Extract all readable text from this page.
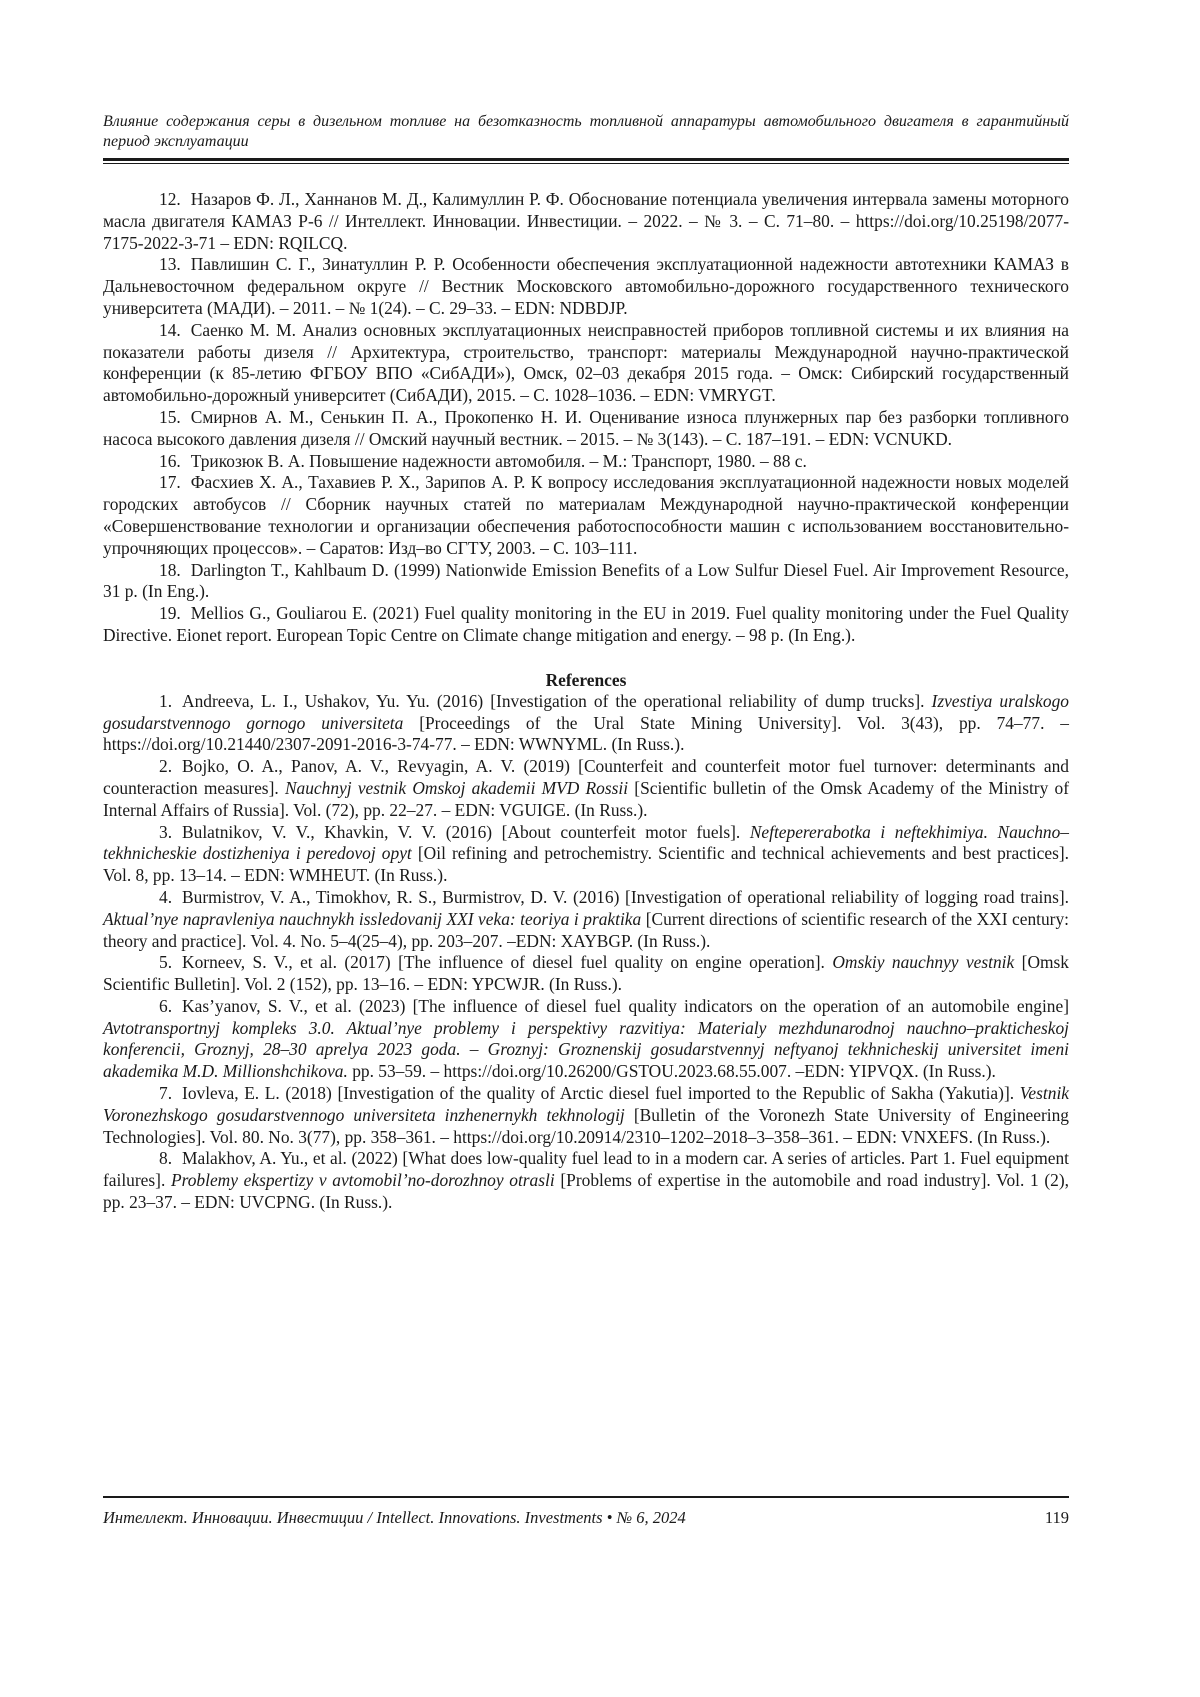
Влияние содержания серы в дизельном топливе на безотказность топливной аппаратуры автомобильного двигателя в гарантийный период эксплуатации

12. Назаров Ф. Л., Ханнанов М. Д., Калимуллин Р. Ф. Обоснование потенциала увеличения интервала замены моторного масла двигателя КАМАЗ Р-6 // Интеллект. Инновации. Инвестиции. – 2022. – № 3. – С. 71–80. – https://doi.org/10.25198/2077-7175-2022-3-71 – EDN: RQILCQ.

13. Павлишин С. Г., Зинатуллин Р. Р. Особенности обеспечения эксплуатационной надежности автотехники КАМАЗ в Дальневосточном федеральном округе // Вестник Московского автомобильно-дорожного государственного технического университета (МАДИ). – 2011. – № 1(24). – С. 29–33. – EDN: NDBDJP.

14. Саенко М. М. Анализ основных эксплуатационных неисправностей приборов топливной системы и их влияния на показатели работы дизеля // Архитектура, строительство, транспорт: материалы Международной научно-практической конференции (к 85-летию ФГБОУ ВПО «СибАДИ»), Омск, 02–03 декабря 2015 года. – Омск: Сибирский государственный автомобильно-дорожный университет (СибАДИ), 2015. – С. 1028–1036. – EDN: VMRYGT.

15. Смирнов А. М., Сенькин П. А., Прокопенко Н. И. Оценивание износа плунжерных пар без разборки топливного насоса высокого давления дизеля // Омский научный вестник. – 2015. – № 3(143). – С. 187–191. – EDN: VCNUKD.

16. Трикозюк В. А. Повышение надежности автомобиля. – М.: Транспорт, 1980. – 88 с.

17. Фасхиев Х. А., Тахавиев Р. Х., Зарипов А. Р. К вопросу исследования эксплуатационной надежности новых моделей городских автобусов // Сборник научных статей по материалам Международной научно-практической конференции «Совершенствование технологии и организации обеспечения работоспособности машин с использованием восстановительно-упрочняющих процессов». – Саратов: Изд–во СГТУ, 2003. – С. 103–111.

18. Darlington T., Kahlbaum D. (1999) Nationwide Emission Benefits of a Low Sulfur Diesel Fuel. Air Improvement Resource, 31 p. (In Eng.).

19. Mellios G., Gouliarou E. (2021) Fuel quality monitoring in the EU in 2019. Fuel quality monitoring under the Fuel Quality Directive. Eionet report. European Topic Centre on Climate change mitigation and energy. – 98 p. (In Eng.).

References

1. Andreeva, L. I., Ushakov, Yu. Yu. (2016) [Investigation of the operational reliability of dump trucks]. Izvestiya uralskogo gosudarstvennogo gornogo universiteta [Proceedings of the Ural State Mining University]. Vol. 3(43), pp. 74–77. – https://doi.org/10.21440/2307-2091-2016-3-74-77. – EDN: WWNYML. (In Russ.).

2. Bojko, O. A., Panov, A. V., Revyagin, A. V. (2019) [Counterfeit and counterfeit motor fuel turnover: determinants and counteraction measures]. Nauchnyj vestnik Omskoj akademii MVD Rossii [Scientific bulletin of the Omsk Academy of the Ministry of Internal Affairs of Russia]. Vol. (72), pp. 22–27. – EDN: VGUIGE. (In Russ.).

3. Bulatnikov, V. V., Khavkin, V. V. (2016) [About counterfeit motor fuels]. Neftepererabotka i neftekhimiya. Nauchno–tekhnicheskie dostizheniya i peredovoj opyt [Oil refining and petrochemistry. Scientific and technical achievements and best practices]. Vol. 8, pp. 13–14. – EDN: WMHEUT. (In Russ.).

4. Burmistrov, V. A., Timokhov, R. S., Burmistrov, D. V. (2016) [Investigation of operational reliability of logging road trains]. Aktual’nye napravleniya nauchnykh issledovanij XXI veka: teoriya i praktika [Current directions of scientific research of the XXI century: theory and practice]. Vol. 4. No. 5–4(25–4), pp. 203–207. –EDN: XAYBGP. (In Russ.).

5. Korneev, S. V., et al. (2017) [The influence of diesel fuel quality on engine operation]. Omskiy nauchnyy vestnik [Omsk Scientific Bulletin]. Vol. 2 (152), pp. 13–16. – EDN: YPCWJR. (In Russ.).

6. Kas’yanov, S. V., et al. (2023) [The influence of diesel fuel quality indicators on the operation of an automobile engine] Avtotransportnyj kompleks 3.0. Aktual’nye problemy i perspektivy razvitiya: Materialy mezhdunarodnoj nauchno–prakticheskoj konferencii, Groznyj, 28–30 aprelya 2023 goda. – Groznyj: Groznenskij gosudarstvennyj neftyanoj tekhnicheskij universitet imeni akademika M.D. Millionshchikova. pp. 53–59. – https://doi.org/10.26200/GSTOU.2023.68.55.007. –EDN: YIPVQX. (In Russ.).

7. Iovleva, E. L. (2018) [Investigation of the quality of Arctic diesel fuel imported to the Republic of Sakha (Yakutia)]. Vestnik Voronezhskogo gosudarstvennogo universiteta inzhenernykh tekhnologij [Bulletin of the Voronezh State University of Engineering Technologies]. Vol. 80. No. 3(77), pp. 358–361. – https://doi.org/10.20914/2310–1202–2018–3–358–361. – EDN: VNXEFS. (In Russ.).

8. Malakhov, A. Yu., et al. (2022) [What does low-quality fuel lead to in a modern car. A series of articles. Part 1. Fuel equipment failures]. Problemy ekspertizy v avtomobil’no-dorozhnoy otrasli [Problems of expertise in the automobile and road industry]. Vol. 1 (2), pp. 23–37. – EDN: UVCPNG. (In Russ.).

Интеллект. Инновации. Инвестиции / Intellect. Innovations. Investments • № 6, 2024	119
